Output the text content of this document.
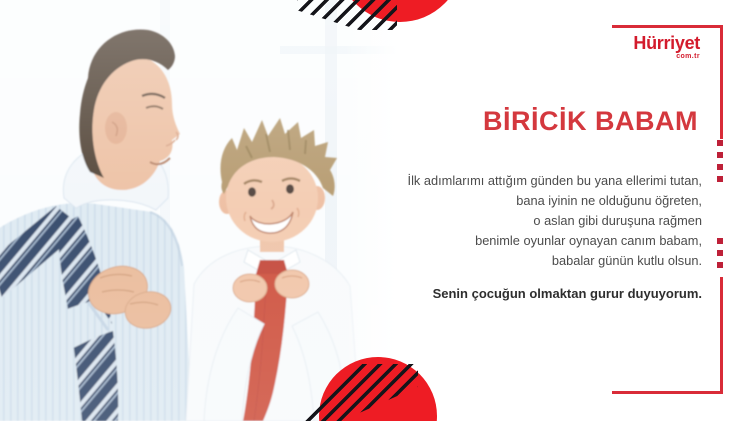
Hürriyet
com.tr
BİRİCİK BABAM
İlk adımlarımı attığım günden bu yana ellerimi tutan,
bana iyinin ne olduğunu öğreten,
o aslan gibi duruşuna rağmen
benimle oyunlar oynayan canım babam,
babalar günün kutlu olsun.
Senin çocuğun olmaktan gurur duyuyorum.
